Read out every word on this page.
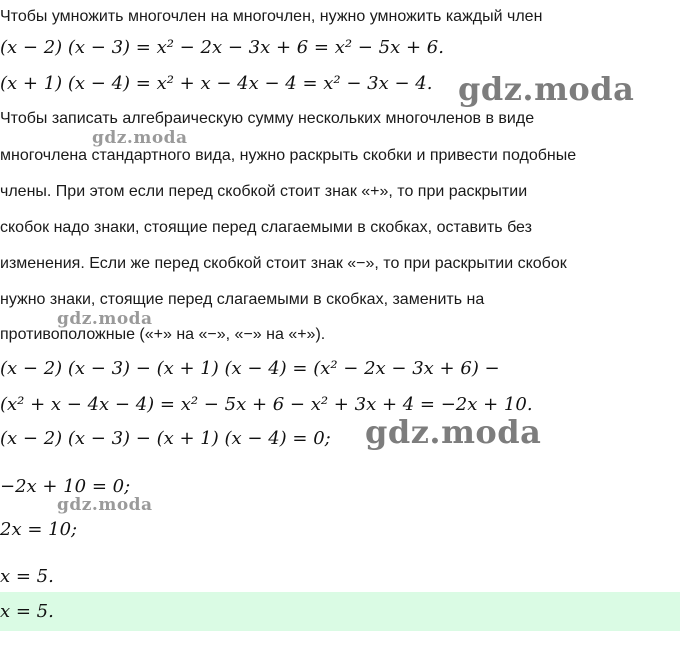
Чтобы умножить многочлен на многочлен, нужно умножить каждый член
(x − 2) (x − 3) = x² − 2x − 3x + 6 = x² − 5x + 6.
(x + 1) (x − 4) = x² + x − 4x − 4 = x² − 3x − 4.
Чтобы записать алгебраическую сумму нескольких многочленов в виде
многочлена стандартного вида, нужно раскрыть скобки и привести подобные
члены. При этом если перед скобкой стоит знак «+», то при раскрытии
скобок надо знаки, стоящие перед слагаемыми в скобках, оставить без
изменения. Если же перед скобкой стоит знак «−», то при раскрытии скобок
нужно знаки, стоящие перед слагаемыми в скобках, заменить на
противоположные («+» на «−», «−» на «+»).
(x − 2) (x − 3) − (x + 1) (x − 4) = (x² − 2x − 3x + 6) −
(x² + x − 4x − 4) = x² − 5x + 6 − x² + 3x + 4 = −2x + 10.
(x − 2) (x − 3) − (x + 1) (x − 4) = 0;
−2x + 10 = 0;
2x = 10;
x = 5.
x = 5.
gdz.moda
gdz.moda
gdz.moda
gdz.moda
gdz.moda
